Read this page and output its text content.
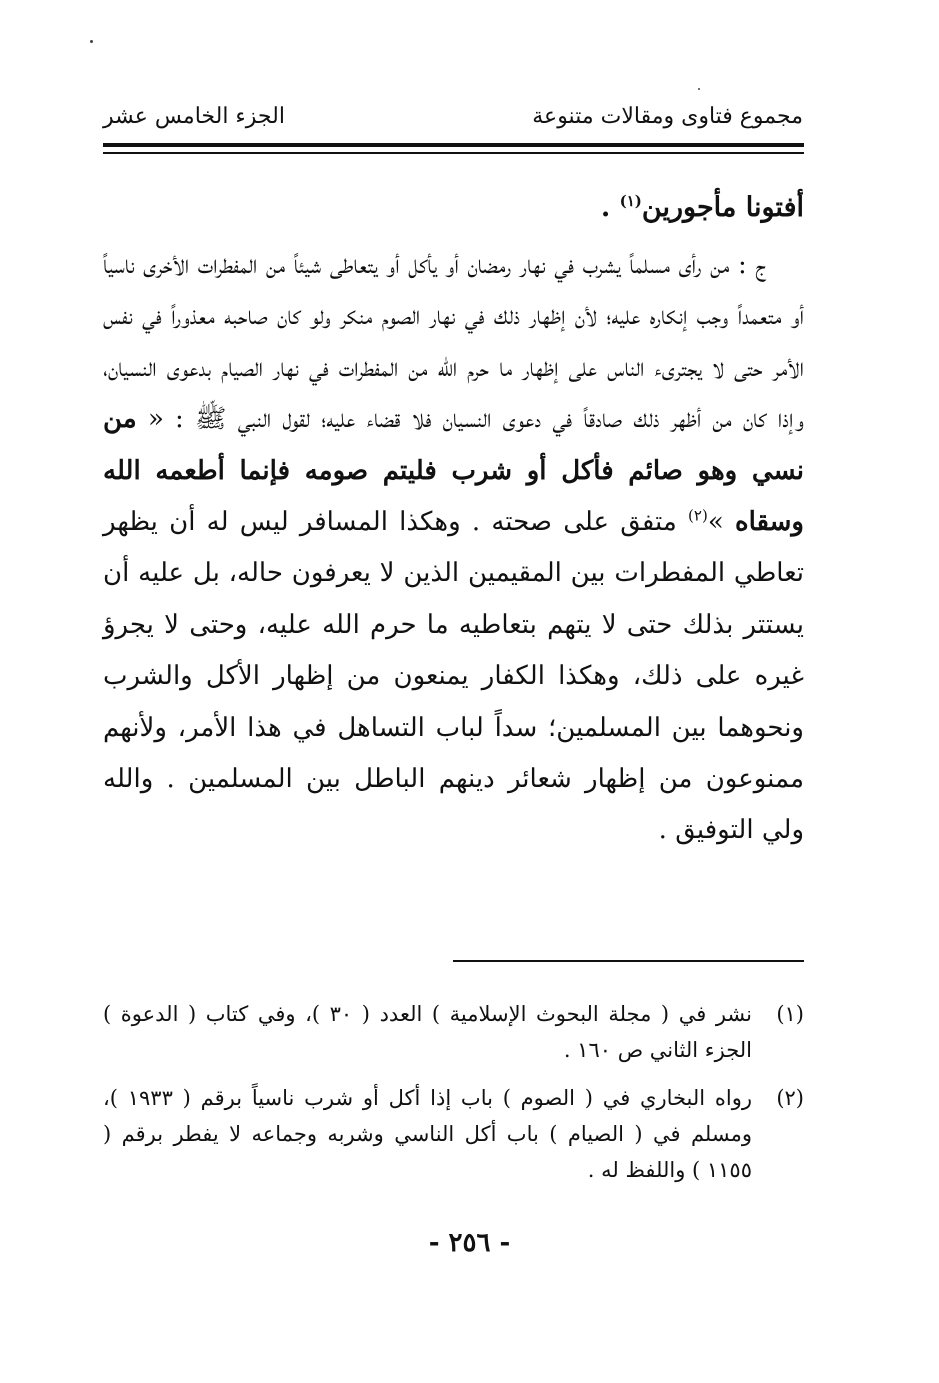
مجموع فتاوى ومقالات متنوعة
الجزء الخامس عشر
أفتونا مأجورين$^{(١)}$ .

ج : من رأى مسلماً يشرب في نهار رمضان أو يأكل أو يتعاطى شيئاً من المفطرات الأخرى ناسياً أو متعمداً وجب إنكاره عليه؛ لأن إظهار ذلك في نهار الصوم منكر ولو كان صاحبه معذوراً في نفس الأمر حتى لا يجترىء الناس على إظهار ما حرم الله من المفطرات في نهار الصيام بدعوى النسيان، وإذا كان من أظهر ذلك صادقاً في دعوى النسيان فلا قضاء عليه؛ لقول النبي ﷺ : « من نسي وهو صائم فأكل أو شرب فليتم صومه فإنما أطعمه الله وسقاه »$^{(٢)}$ متفق على صحته . وهكذا المسافر ليس له أن يظهر تعاطي المفطرات بين المقيمين الذين لا يعرفون حاله، بل عليه أن يستتر بذلك حتى لا يتهم بتعاطيه ما حرم الله عليه، وحتى لا يجرؤ غيره على ذلك، وهكذا الكفار يمنعون من إظهار الأكل والشرب ونحوهما بين المسلمين؛ سداً لباب التساهل في هذا الأمر، ولأنهم ممنوعون من إظهار شعائر دينهم الباطل بين المسلمين . والله ولي التوفيق .

(١)
نشر في ( مجلة البحوث الإسلامية ) العدد ( ٣٠ )، وفي كتاب ( الدعوة ) الجزء الثاني ص ١٦٠ .
(٢)
رواه البخاري في ( الصوم ) باب إذا أكل أو شرب ناسياً برقم ( ١٩٣٣ )، ومسلم في ( الصيام ) باب أكل الناسي وشربه وجماعه لا يفطر برقم ( ١١٥٥ ) واللفظ له .
- ٢٥٦ -
